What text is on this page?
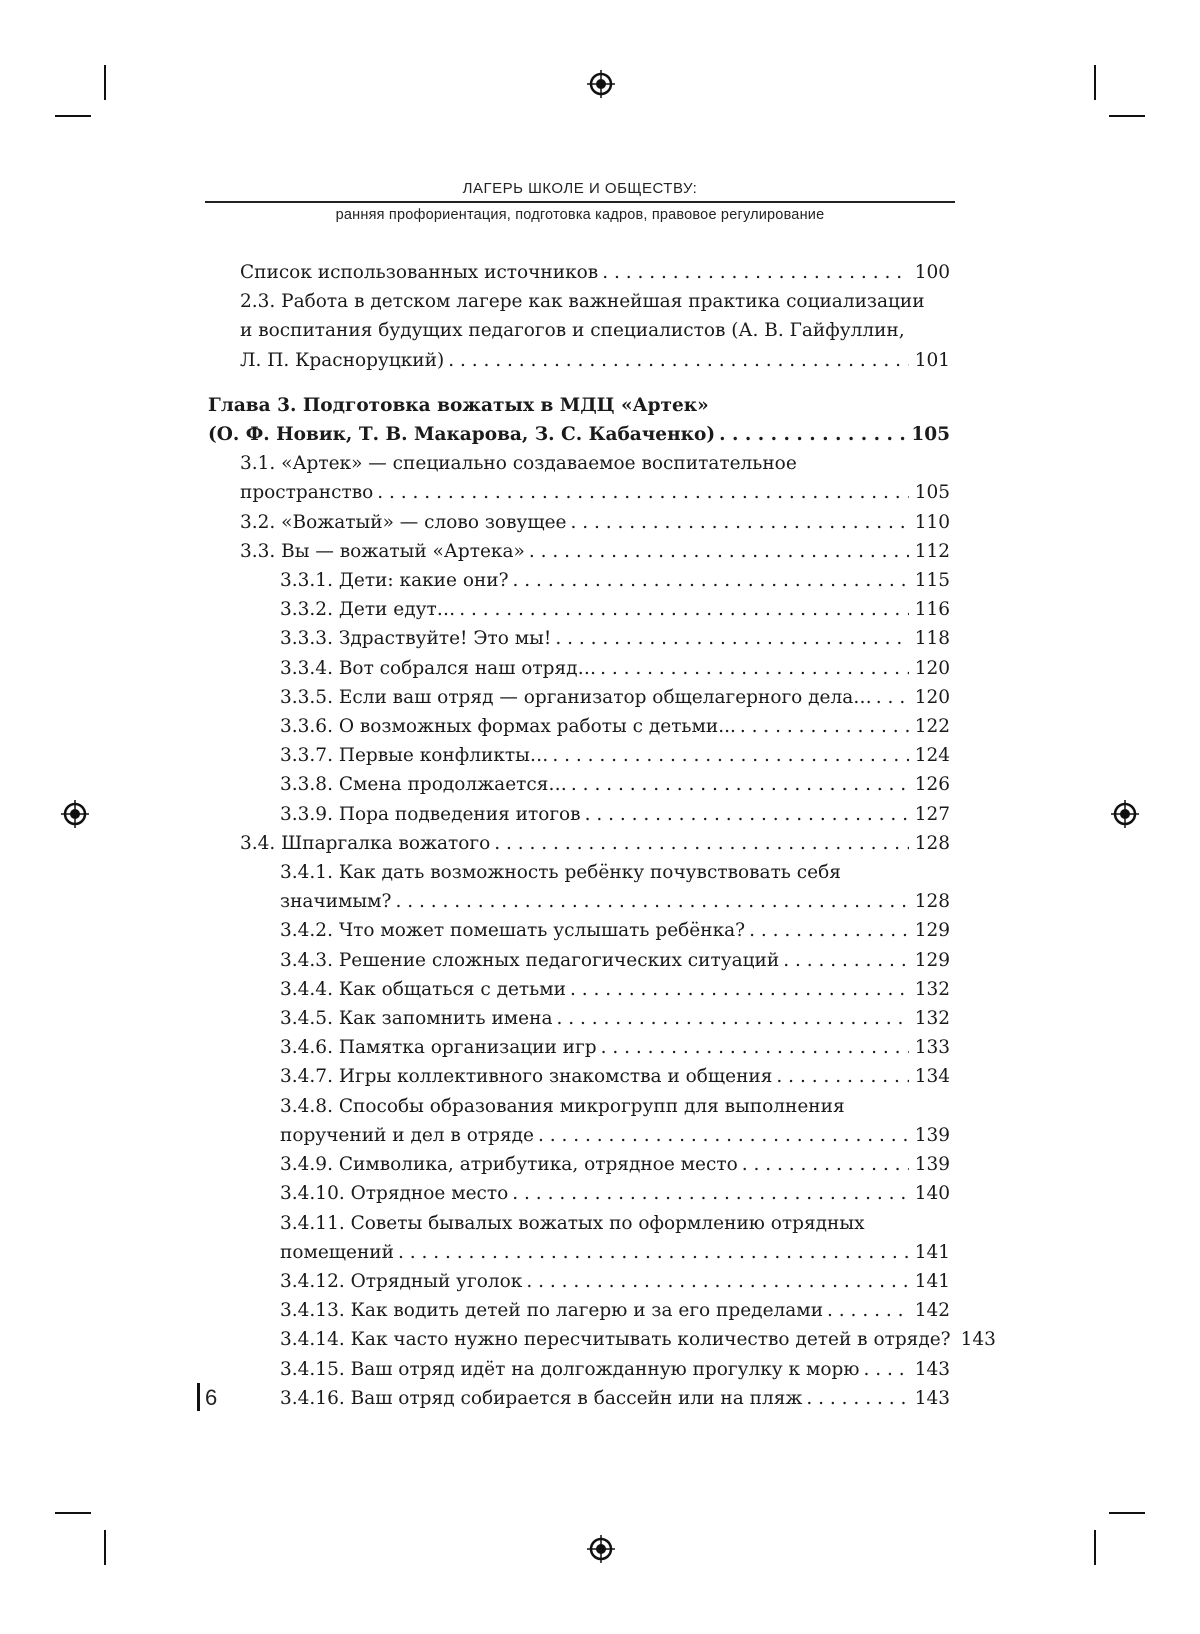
ЛАГЕРЬ ШКОЛЕ И ОБЩЕСТВУ:
ранняя профориентация, подготовка кадров, правовое регулирование
Список использованных источников . . .	100
2.3. Работа в детском лагере как важнейшая практика социализации
и воспитания будущих педагогов и специалистов (А. В. Гайфуллин,
Л. П. Красноруцкий) . . .	101
Глава 3. Подготовка вожатых в МДЦ «Артек»
(О. Ф. Новик, Т. В. Макарова, З. С. Кабаченко) . . .	105
3.1. «Артек» — специально создаваемое воспитательное
пространство . . .	105
3.2. «Вожатый» — слово зовущее . . .	110
3.3. Вы — вожатый «Артека» . . .	112
3.3.1. Дети: какие они? . . .	115
3.3.2. Дети едут… . . .	116
3.3.3. Здраствуйте! Это мы! . . .	118
3.3.4. Вот собрался наш отряд… . . .	120
3.3.5. Если ваш отряд — организатор общелагерного дела… . . . 120
3.3.6. О возможных формах работы с детьми... . . .	122
3.3.7. Первые конфликты… . . .	124
3.3.8. Смена продолжается… . . .	126
3.3.9. Пора подведения итогов . . .	127
3.4. Шпаргалка вожатого . . .	128
3.4.1. Как дать возможность ребёнку почувствовать себя
значимым? . . .	128
3.4.2. Что может помешать услышать ребёнка? . . .	129
3.4.3. Решение сложных педагогических ситуаций . . .	129
3.4.4. Как общаться с детьми . . .	132
3.4.5. Как запомнить имена . . .	132
3.4.6. Памятка организации игр . . .	133
3.4.7. Игры коллективного знакомства и общения . . .	134
3.4.8. Способы образования микрогрупп для выполнения
поручений и дел в отряде . . .	139
3.4.9. Символика, атрибутика, отрядное место . . .	139
3.4.10. Отрядное место . . .	140
3.4.11. Советы бывалых вожатых по оформлению отрядных
помещений . . .	141
3.4.12. Отрядный уголок . . .	141
3.4.13. Как водить детей по лагерю и за его пределами . . .	142
3.4.14. Как часто нужно пересчитывать количество детей в отряде? 143
3.4.15. Ваш отряд идёт на долгожданную прогулку к морю . . .	143
3.4.16. Ваш отряд собирается в бассейн или на пляж . . .	143
6
